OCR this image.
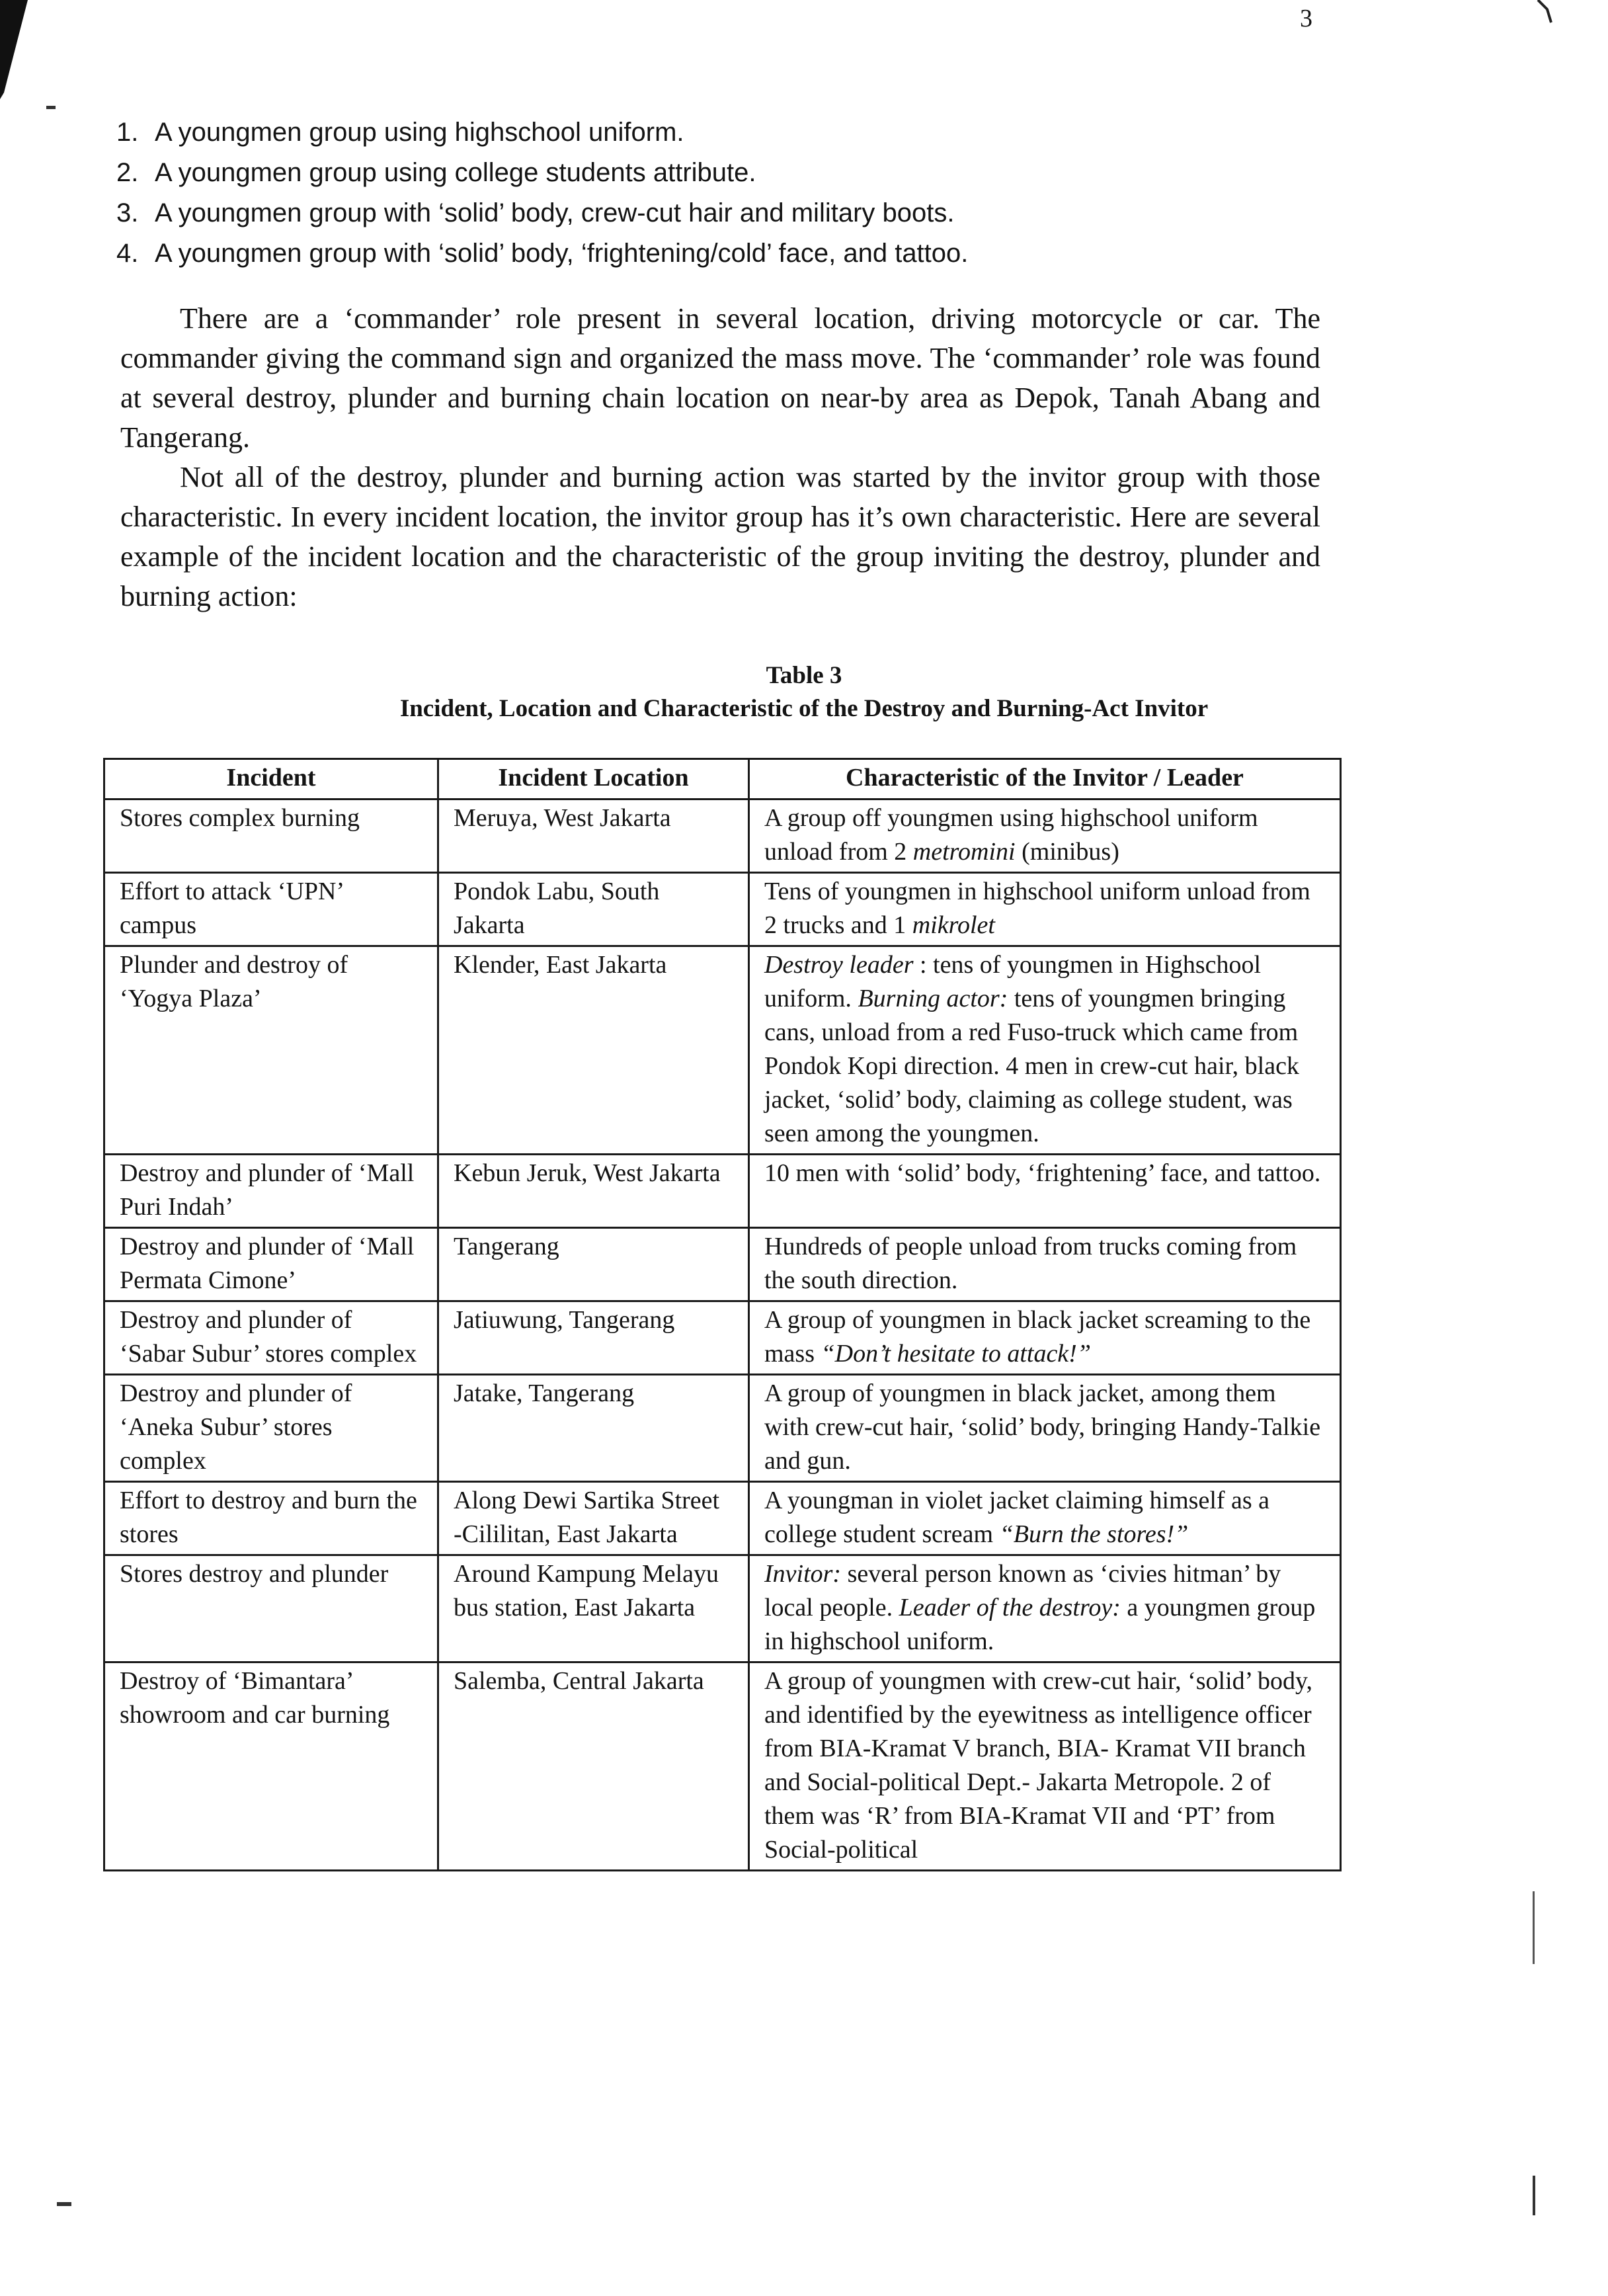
3
1. A youngmen group using highschool uniform.
2. A youngmen group using college students attribute.
3. A youngmen group with ‘solid’ body, crew-cut hair and military boots.
4. A youngmen group with ‘solid’ body, ‘frightening/cold’ face, and tattoo.

There are a ‘commander’ role present in several location, driving motorcycle or car. The commander giving the command sign and organized the mass move. The ‘commander’ role was found at several destroy, plunder and burning chain location on near-by area as Depok, Tanah Abang and Tangerang.

Not all of the destroy, plunder and burning action was started by the invitor group with those characteristic. In every incident location, the invitor group has it’s own characteristic. Here are several example of the incident location and the characteristic of the group inviting the destroy, plunder and burning action:

Table 3
Incident, Location and Characteristic of the Destroy and Burning-Act Invitor
Incident	Incident Location	Characteristic of the Invitor / Leader
Stores complex burning	Meruya, West Jakarta	A group off youngmen using highschool uniform unload from 2 metromini (minibus)
Effort to attack ‘UPN’ campus	Pondok Labu, South Jakarta	Tens of youngmen in highschool uniform unload from 2 trucks and 1 mikrolet
Plunder and destroy of ‘Yogya Plaza’	Klender, East Jakarta	Destroy leader : tens of youngmen in Highschool uniform. Burning actor: tens of youngmen bringing cans, unload from a red Fuso-truck which came from Pondok Kopi direction. 4 men in crew-cut hair, black jacket, ‘solid’ body, claiming as college student, was seen among the youngmen.
Destroy and plunder of ‘Mall Puri Indah’	Kebun Jeruk, West Jakarta	10 men with ‘solid’ body, ‘frightening’ face, and tattoo.
Destroy and plunder of ‘Mall Permata Cimone’	Tangerang	Hundreds of people unload from trucks coming from the south direction.
Destroy and plunder of ‘Sabar Subur’ stores complex	Jatiuwung, Tangerang	A group of youngmen in black jacket screaming to the mass “Don’t hesitate to attack!”
Destroy and plunder of ‘Aneka Subur’ stores complex	Jatake, Tangerang	A group of youngmen in black jacket, among them with crew-cut hair, ‘solid’ body, bringing Handy-Talkie and gun.
Effort to destroy and burn the stores	Along Dewi Sartika Street -Cililitan, East Jakarta	A youngman in violet jacket claiming himself as a college student scream “Burn the stores!”
Stores destroy and plunder	Around Kampung Melayu bus station, East Jakarta	Invitor: several person known as ‘civies hitman’ by local people. Leader of the destroy: a youngmen group in highschool uniform.
Destroy of ‘Bimantara’ showroom and car burning	Salemba, Central Jakarta	A group of youngmen with crew-cut hair, ‘solid’ body, and identified by the eyewitness as intelligence officer from BIA-Kramat V branch, BIA- Kramat VII branch and Social-political Dept.- Jakarta Metropole. 2 of them was ‘R’ from BIA-Kramat VII and ‘PT’ from Social-political
